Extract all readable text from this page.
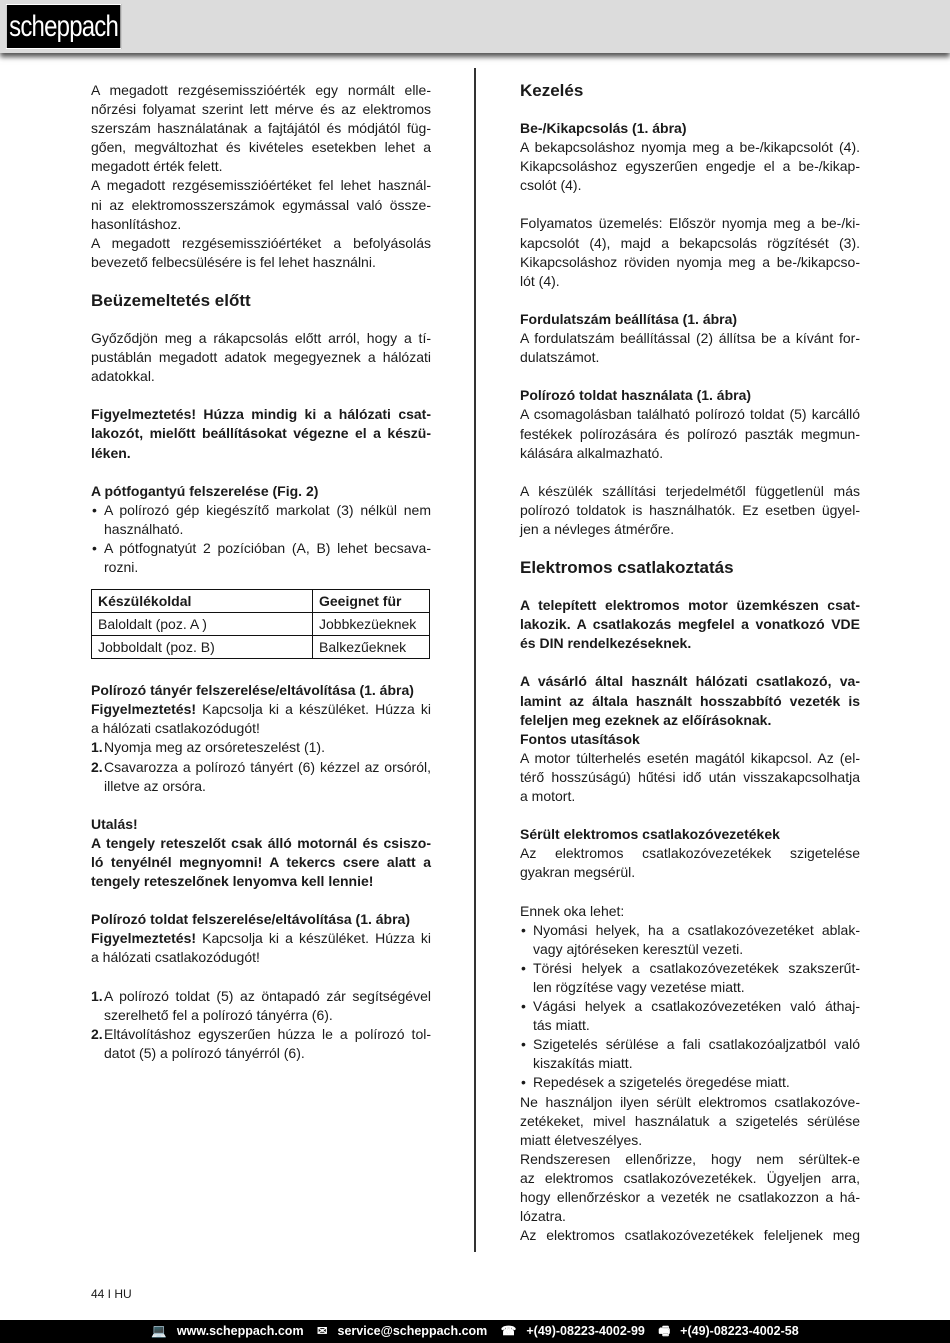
scheppach
A megadott rezgésemisszióérték egy normált elle-
nőrzési folyamat szerint lett mérve és az elektromos
szerszám használatának a fajtájától és módjától füg-
gően, megváltozhat és kivételes esetekben lehet a
megadott érték felett.
A megadott rezgésemisszióértéket fel lehet használ-
ni az elektromosszerszámok egymással való össze-
hasonlításhoz.
A megadott rezgésemisszióértéket a befolyásolás
bevezető felbecsülésére is fel lehet használni.
Beüzemeltetés előtt
Győződjön meg a rákapcsolás előtt arról, hogy a tí-
pustáblán megadott adatok megegyeznek a hálózati
adatokkal.
Figyelmeztetés! Húzza mindig ki a hálózati csat-
lakozót, mielőtt beállításokat végezne el a készü-
léken.
A pótfogantyú felszerelése (Fig. 2)
• A polírozó gép kiegészítő markolat (3) nélkül nem
használható.
• A pótfognatyút 2 pozícióban (A, B) lehet becsava-
rozni.
Készülékoldal	Geeignet für
Baloldalt (poz. A )	Jobbkezüeknek
Jobboldalt (poz. B)	Balkezűeknek
Polírozó tányér felszerelése/eltávolítása (1. ábra)
Figyelmeztetés! Kapcsolja ki a készüléket. Húzza ki
a hálózati csatlakozódugót!
1. Nyomja meg az orsóreteszelést (1).
2. Csavarozza a polírozó tányért (6) kézzel az orsóról,
illetve az orsóra.
Utalás!
A tengely reteszelőt csak álló motornál és csiszo-
ló tenyélnél megnyomni! A tekercs csere alatt a
tengely reteszelőnek lenyomva kell lennie!
Polírozó toldat felszerelése/eltávolítása (1. ábra)
Figyelmeztetés! Kapcsolja ki a készüléket. Húzza ki
a hálózati csatlakozódugót!
1. A polírozó toldat (5) az öntapadó zár segítségével
szerelhető fel a polírozó tányérra (6).
2. Eltávolításhoz egyszerűen húzza le a polírozó tol-
datot (5) a polírozó tányérról (6).
Kezelés
Be-/Kikapcsolás (1. ábra)
A bekapcsoláshoz nyomja meg a be-/kikapcsolót (4).
Kikapcsoláshoz egyszerűen engedje el a be-/kikap-
csolót (4).
Folyamatos üzemelés: Először nyomja meg a be-/ki-
kapcsolót (4), majd a bekapcsolás rögzítését (3).
Kikapcsoláshoz röviden nyomja meg a be-/kikapcso-
lót (4).
Fordulatszám beállítása (1. ábra)
A fordulatszám beállítással (2) állítsa be a kívánt for-
dulatszámot.
Polírozó toldat használata (1. ábra)
A csomagolásban található polírozó toldat (5) karcálló
festékek polírozására és polírozó paszták megmun-
kálására alkalmazható.
A készülék szállítási terjedelmétől függetlenül más
polírozó toldatok is használhatók. Ez esetben ügyel-
jen a névleges átmérőre.
Elektromos csatlakoztatás
A telepített elektromos motor üzemkészen csat-
lakozik. A csatlakozás megfelel a vonatkozó VDE
és DIN rendelkezéseknek.
A vásárló által használt hálózati csatlakozó, va-
lamint az általa használt hosszabbító vezeték is
feleljen meg ezeknek az előírásoknak.
Fontos utasítások
A motor túlterhelés esetén magától kikapcsol. Az (el-
térő hosszúságú) hűtési idő után visszakapcsolhatja
a motort.
Sérült elektromos csatlakozóvezetékek
Az elektromos csatlakozóvezetékek szigetelése
gyakran megsérül.
Ennek oka lehet:
• Nyomási helyek, ha a csatlakozóvezetéket ablak-
vagy ajtóréseken keresztül vezeti.
• Törési helyek a csatlakozóvezetékek szakszerűt-
len rögzítése vagy vezetése miatt.
• Vágási helyek a csatlakozóvezetéken való áthaj-
tás miatt.
• Szigetelés sérülése a fali csatlakozóaljzatból való
kiszakítás miatt.
• Repedések a szigetelés öregedése miatt.
Ne használjon ilyen sérült elektromos csatlakozóve-
zetékeket, mivel használatuk a szigetelés sérülése
miatt életveszélyes.
Rendszeresen ellenőrizze, hogy nem sérültek-e
az elektromos csatlakozóvezetékek. Ügyeljen arra,
hogy ellenőrzéskor a vezeték ne csatlakozzon a há-
lózatra.
Az elektromos csatlakozóvezetékek feleljenek meg
44 I HU
💻 www.scheppach.com ✉ service@scheppach.com ☎ +(49)-08223-4002-99 🖷 +(49)-08223-4002-58
